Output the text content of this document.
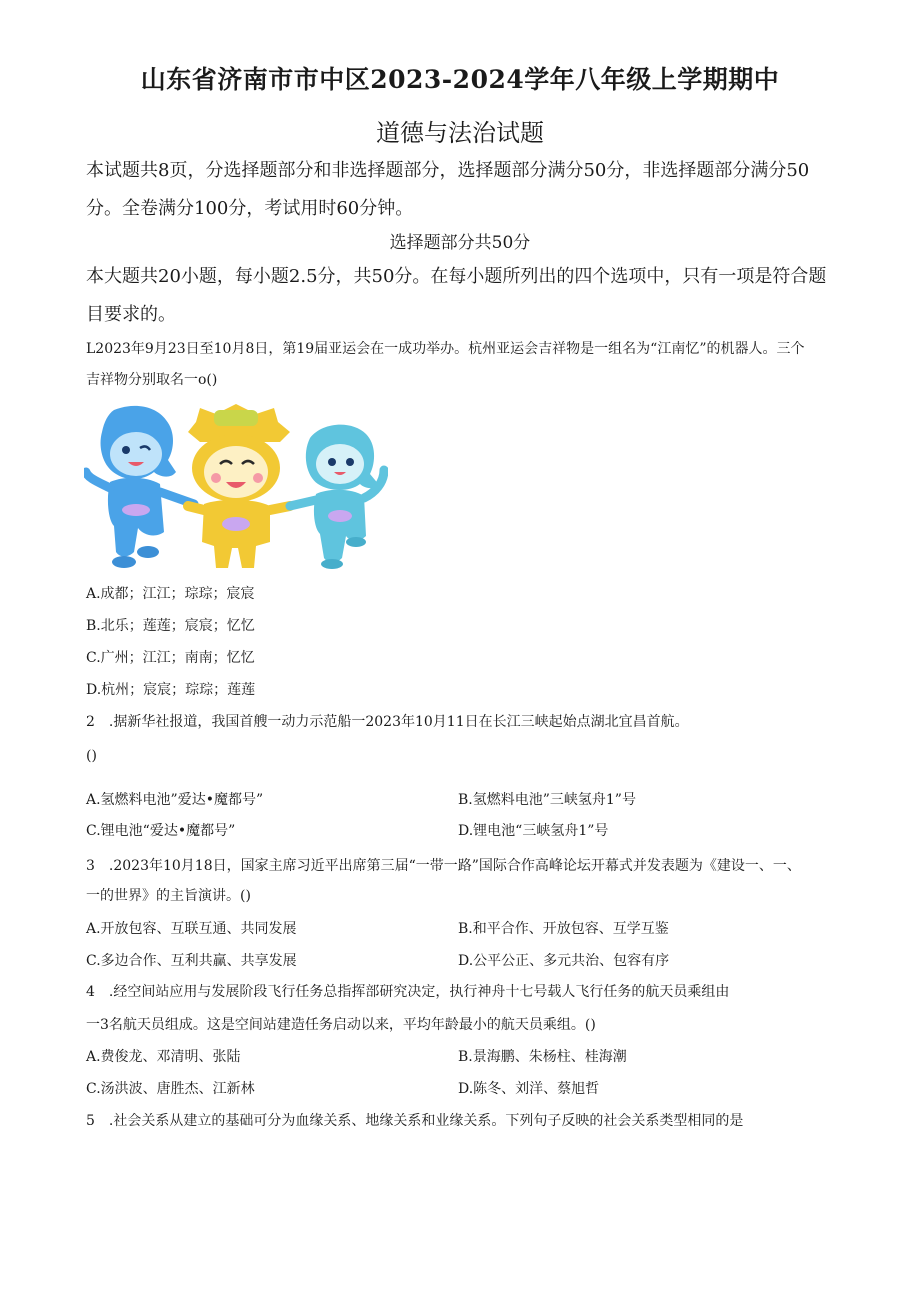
山东省济南市市中区2023-2024学年八年级上学期期中
道德与法治试题
本试题共8页，分选择题部分和非选择题部分，选择题部分满分50分，非选择题部分满分50
分。全卷满分100分，考试用时60分钟。
选择题部分共50分
本大题共20小题，每小题2.5分，共50分。在每小题所列出的四个选项中，只有一项是符合题
目要求的。
L2023年9月23日至10月8日，第19届亚运会在一成功举办。杭州亚运会吉祥物是一组名为“江南忆”的机器人。三个
吉祥物分别取名一o()
A.成都；江江；琮琮；宸宸
B.北乐；莲莲；宸宸；忆忆
C.广州；江江；南南；忆忆
D.杭州；宸宸；琮琮；莲莲
2　.据新华社报道，我国首艘一动力示范船一2023年10月11日在长江三峡起始点湖北宜昌首航。
()
A.氢燃料电池”爱达•魔都号”	B.氢燃料电池”三峡氢舟1”号
C.锂电池“爱达•魔都号”	D.锂电池“三峡氢舟1”号
3　.2023年10月18日，国家主席习近平出席第三届“一带一路”国际合作高峰论坛开幕式并发表题为《建设一、一、
一的世界》的主旨演讲。()
A.开放包容、互联互通、共同发展	B.和平合作、开放包容、互学互鉴
C.多边合作、互利共赢、共享发展	D.公平公正、多元共治、包容有序
4　.经空间站应用与发展阶段飞行任务总指挥部研究决定，执行神舟十七号载人飞行任务的航天员乘组由
一3名航天员组成。这是空间站建造任务启动以来，平均年龄最小的航天员乘组。()
A.费俊龙、邓清明、张陆	B.景海鹏、朱杨柱、桂海潮
C.汤洪波、唐胜杰、江新林	D.陈冬、刘洋、蔡旭哲
5　.社会关系从建立的基础可分为血缘关系、地缘关系和业缘关系。下列句子反映的社会关系类型相同的是
